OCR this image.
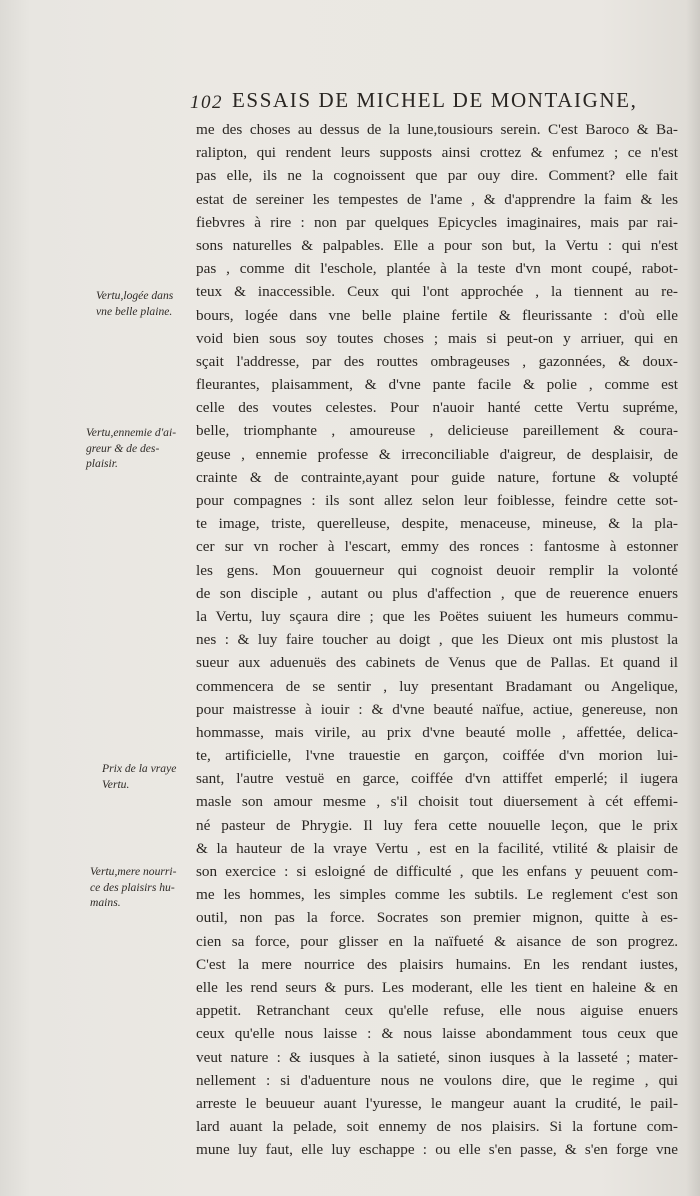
102 ESSAIS DE MICHEL DE MONTAIGNE,
Vertu,logée dans
vne belle plaine.
Vertu,ennemie d'ai-
greur & de des-
plaisir.
Prix de la vraye
Vertu.
Vertu,mere nourri-
ce des plaisirs hu-
mains.
me des choses au dessus de la lune,tousiours serein. C'est Baroco & Ba-
ralipton, qui rendent leurs supposts ainsi crottez & enfumez ; ce n'est
pas elle, ils ne la cognoissent que par ouy dire. Comment? elle fait
estat de sereiner les tempestes de l'ame , & d'apprendre la faim & les
fiebvres à rire : non par quelques Epicycles imaginaires, mais par rai-
sons naturelles & palpables. Elle a pour son but, la Vertu : qui n'est
pas , comme dit l'eschole, plantée à la teste d'vn mont coupé, rabot-
teux & inaccessible. Ceux qui l'ont approchée , la tiennent au re-
bours, logée dans vne belle plaine fertile & fleurissante : d'où elle
void bien sous soy toutes choses ; mais si peut-on y arriuer, qui en
sçait l'addresse, par des routtes ombrageuses , gazonnées, & doux-
fleurantes, plaisamment, & d'vne pante facile & polie , comme est
celle des voutes celestes. Pour n'auoir hanté cette Vertu supréme,
belle, triomphante , amoureuse , delicieuse pareillement & coura-
geuse , ennemie professe & irreconciliable d'aigreur, de desplaisir, de
crainte & de contrainte,ayant pour guide nature, fortune & volupté
pour compagnes : ils sont allez selon leur foiblesse, feindre cette sot-
te image, triste, querelleuse, despite, menaceuse, mineuse, & la pla-
cer sur vn rocher à l'escart, emmy des ronces : fantosme à estonner
les gens. Mon gouuerneur qui cognoist deuoir remplir la volonté
de son disciple , autant ou plus d'affection , que de reuerence enuers
la Vertu, luy sçaura dire ; que les Poëtes suiuent les humeurs commu-
nes : & luy faire toucher au doigt , que les Dieux ont mis plustost la
sueur aux aduenuës des cabinets de Venus que de Pallas. Et quand il
commencera de se sentir , luy presentant Bradamant ou Angelique,
pour maistresse à iouir : & d'vne beauté naïfue, actiue, genereuse, non
hommasse, mais virile, au prix d'vne beauté molle , affettée, delica-
te, artificielle, l'vne trauestie en garçon, coiffée d'vn morion lui-
sant, l'autre vestuë en garce, coiffée d'vn attiffet emperlé; il iugera
masle son amour mesme , s'il choisit tout diuersement à cét effemi-
né pasteur de Phrygie. Il luy fera cette nouuelle leçon, que le prix
& la hauteur de la vraye Vertu , est en la facilité, vtilité & plaisir de
son exercice : si esloigné de difficulté , que les enfans y peuuent com-
me les hommes, les simples comme les subtils. Le reglement c'est son
outil, non pas la force. Socrates son premier mignon, quitte à es-
cien sa force, pour glisser en la naïfueté & aisance de son progrez.
C'est la mere nourrice des plaisirs humains. En les rendant iustes,
elle les rend seurs & purs. Les moderant, elle les tient en haleine & en
appetit. Retranchant ceux qu'elle refuse, elle nous aiguise enuers
ceux qu'elle nous laisse : & nous laisse abondamment tous ceux que
veut nature : & iusques à la satieté, sinon iusques à la lasseté ; mater-
nellement : si d'aduenture nous ne voulons dire, que le regime , qui
arreste le beuueur auant l'yuresse, le mangeur auant la crudité, le pail-
lard auant la pelade, soit ennemy de nos plaisirs. Si la fortune com-
mune luy faut, elle luy eschappe : ou elle s'en passe, & s'en forge vne
